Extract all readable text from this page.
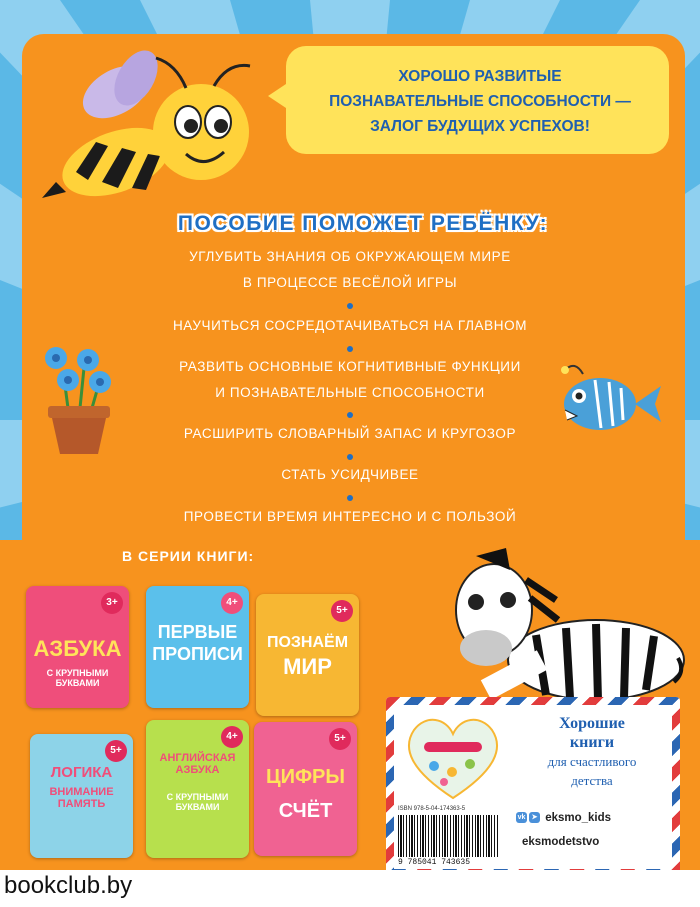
ХОРОШО РАЗВИТЫЕ
ПОЗНАВАТЕЛЬНЫЕ СПОСОБНОСТИ —
ЗАЛОГ БУДУЩИХ УСПЕХОВ!
ПОСОБИЕ ПОМОЖЕТ РЕБЁНКУ:
УГЛУБИТЬ ЗНАНИЯ ОБ ОКРУЖАЮЩЕМ МИРЕ
В ПРОЦЕССЕ ВЕСЁЛОЙ ИГРЫ
НАУЧИТЬСЯ СОСРЕДОТАЧИВАТЬСЯ НА ГЛАВНОМ
РАЗВИТЬ ОСНОВНЫЕ КОГНИТИВНЫЕ ФУНКЦИИ
И ПОЗНАВАТЕЛЬНЫЕ СПОСОБНОСТИ
РАСШИРИТЬ СЛОВАРНЫЙ ЗАПАС И КРУГОЗОР
СТАТЬ УСИДЧИВЕЕ
ПРОВЕСТИ ВРЕМЯ ИНТЕРЕСНО И С ПОЛЬЗОЙ
В СЕРИИ КНИГИ:
3+
АЗБУКА
С КРУПНЫМИ БУКВАМИ
4+
ПЕРВЫЕ
ПРОПИСИ
5+
ПОЗНАЁМ
МИР
5+
ЛОГИКА
ВНИМАНИЕ ПАМЯТЬ
4+
АНГЛИЙСКАЯ АЗБУКА
С КРУПНЫМИ БУКВАМИ
5+
ЦИФРЫ
СЧЁТ
Хорошие
книги
для счастливого
детства
vk ➤ eksmo_kids
eksmodetstvo
ISBN 978-5-04-174363-5
9 785041 743635
bookclub.by
